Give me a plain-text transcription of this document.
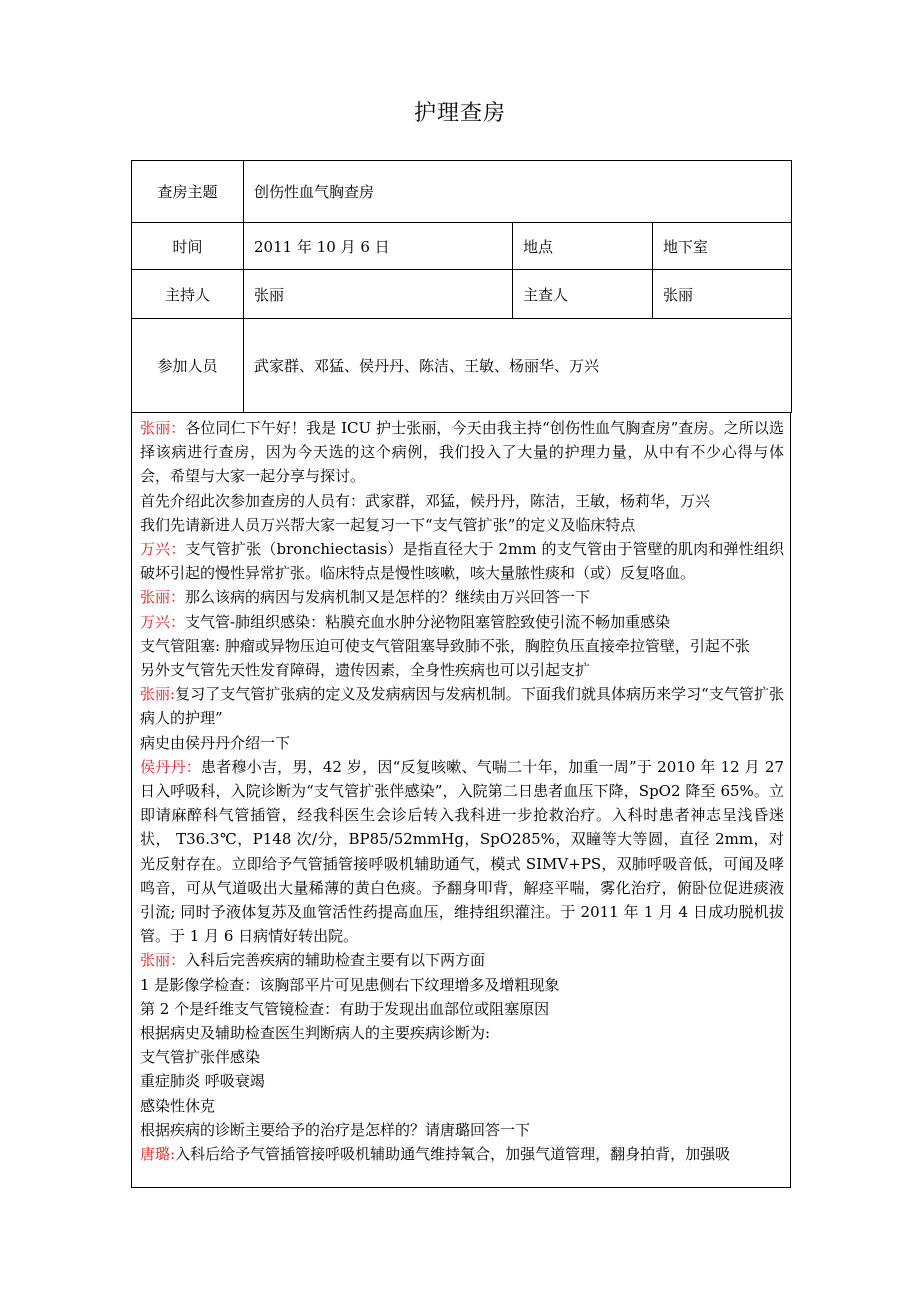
护理查房
查房主题	创伤性血气胸查房		
时间	2011 年 10 月 6 日	地点	地下室
主持人	张丽	主查人	张丽
参加人员	武家群、邓猛、侯丹丹、陈洁、王敏、杨丽华、万兴		

张丽：各位同仁下午好！我是 ICU 护士张丽，今天由我主持“创伤性血气胸查房”查房。之所以选择该病进行查房，因为今天选的这个病例，我们投入了大量的护理力量，从中有不少心得与体会，希望与大家一起分享与探讨。

首先介绍此次参加查房的人员有：武家群，邓猛，候丹丹，陈洁，王敏，杨莉华，万兴

我们先请新进人员万兴帮大家一起复习一下“支气管扩张”的定义及临床特点

万兴：支气管扩张（bronchiectasis）是指直径大于 2mm 的支气管由于管壁的肌肉和弹性组织破坏引起的慢性异常扩张。临床特点是慢性咳嗽，咳大量脓性痰和（或）反复咯血。

张丽：那么该病的病因与发病机制又是怎样的？继续由万兴回答一下

万兴：支气管-肺组织感染：粘膜充血水肿分泌物阻塞管腔致使引流不畅加重感染

支气管阻塞: 肿瘤或异物压迫可使支气管阻塞导致肺不张，胸腔负压直接牵拉管壁，引起不张

另外支气管先天性发育障碍，遗传因素，全身性疾病也可以引起支扩

张丽:复习了支气管扩张病的定义及发病病因与发病机制。下面我们就具体病历来学习“支气管扩张病人的护理”

病史由侯丹丹介绍一下

侯丹丹：患者穆小吉，男，42 岁，因“反复咳嗽、气喘二十年，加重一周”于 2010 年 12 月 27 日入呼吸科，入院诊断为“支气管扩张伴感染”，入院第二日患者血压下降，SpO2 降至 65%。立即请麻醉科气管插管，经我科医生会诊后转入我科进一步抢救治疗。入科时患者神志呈浅昏迷状， T36.3℃，P148 次/分，BP85/52mmHg，SpO285%，双瞳等大等圆，直径 2mm，对光反射存在。立即给予气管插管接呼吸机辅助通气，模式 SIMV+PS，双肺呼吸音低，可闻及哮鸣音，可从气道吸出大量稀薄的黄白色痰。予翻身叩背，解痉平喘，雾化治疗，俯卧位促进痰液引流; 同时予液体复苏及血管活性药提高血压，维持组织灌注。于 2011 年 1 月 4 日成功脱机拔管。于 1 月 6 日病情好转出院。

张丽：入科后完善疾病的辅助检查主要有以下两方面

1 是影像学检查：该胸部平片可见患侧右下纹理增多及增粗现象

第 2 个是纤维支气管镜检查：有助于发现出血部位或阻塞原因

根据病史及辅助检查医生判断病人的主要疾病诊断为:

支气管扩张伴感染

重症肺炎 呼吸衰竭

感染性休克

根据疾病的诊断主要给予的治疗是怎样的？请唐璐回答一下

唐璐:入科后给予气管插管接呼吸机辅助通气维持氧合，加强气道管理，翻身拍背，加强吸
